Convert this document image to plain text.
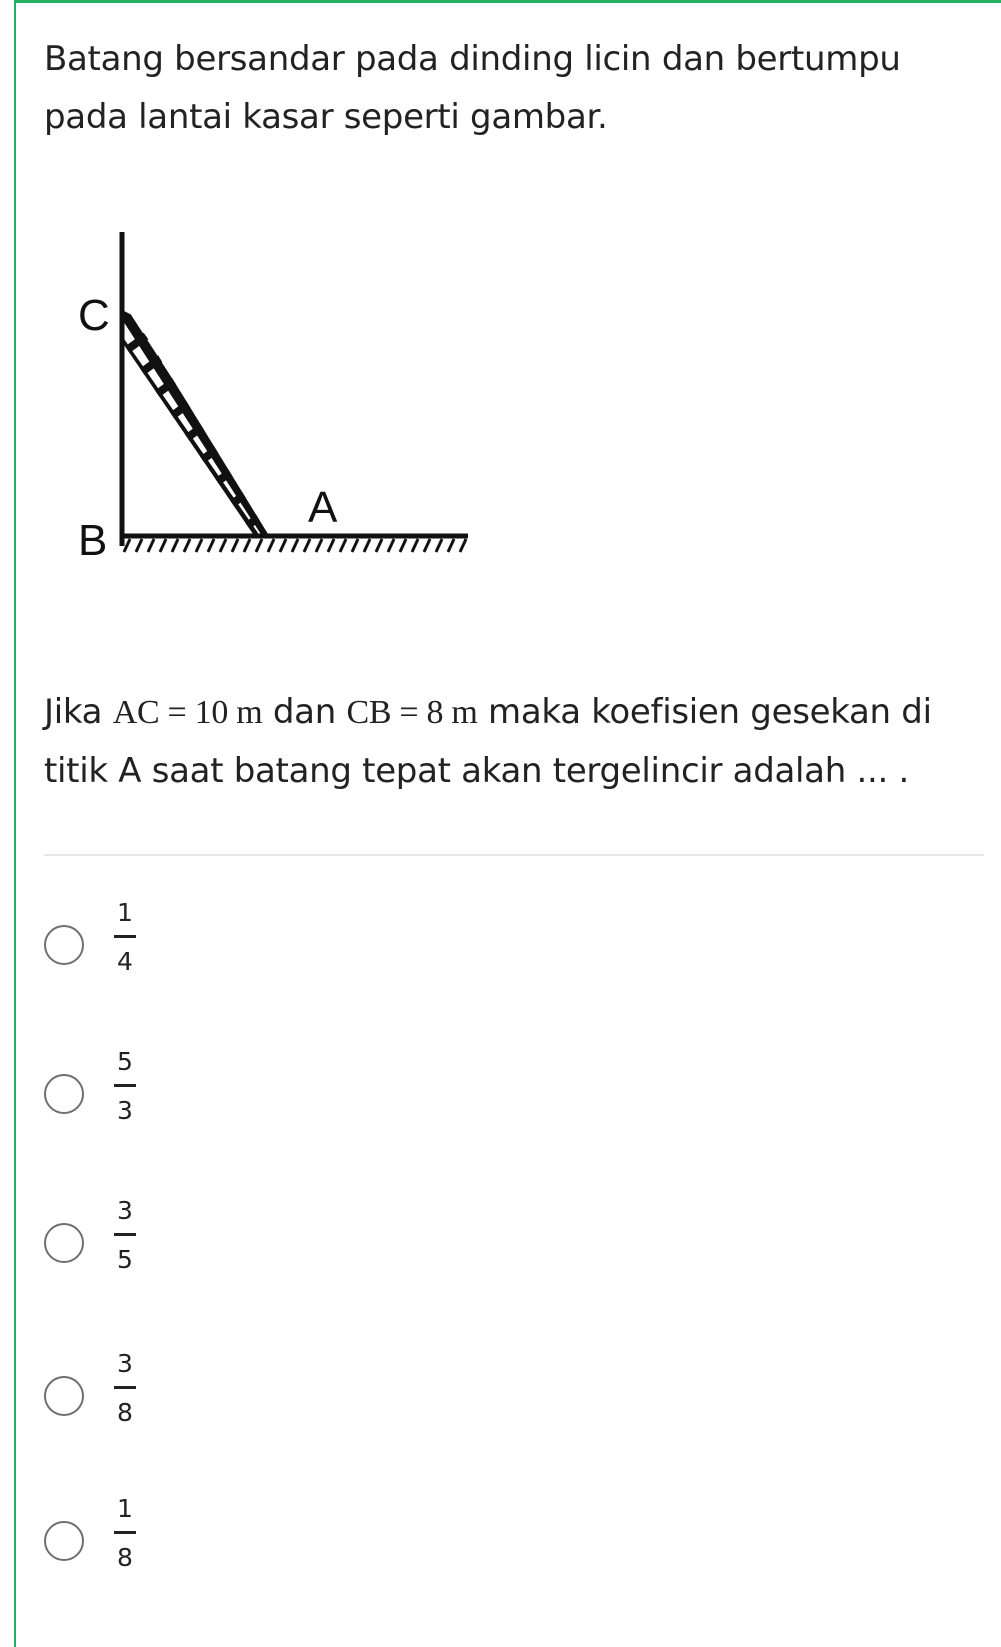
Batang bersandar pada dinding licin dan bertumpu pada lantai kasar seperti gambar.
C
B
A
Jika AC = 10 m dan CB = 8 m maka koefisien gesekan di titik A saat batang tepat akan tergelincir adalah ... .
1
4
5
3
3
5
3
8
1
8
